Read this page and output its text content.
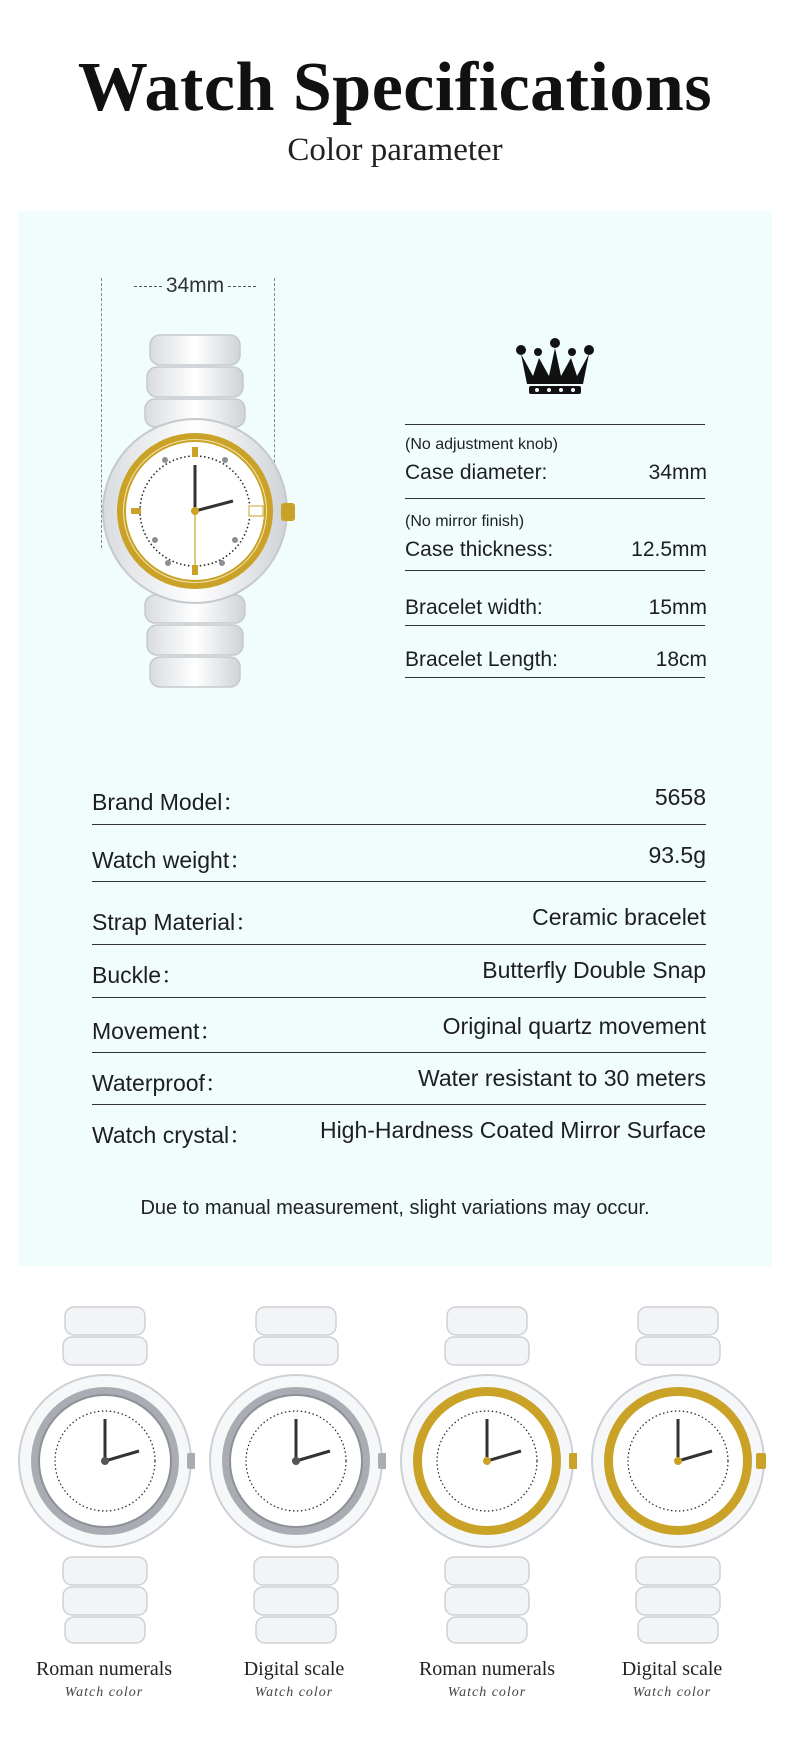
Watch Specifications
Color parameter
34mm
(No adjustment knob)
Case diameter:	34mm
(No mirror finish)
Case thickness:	12.5mm
Bracelet width:	15mm
Bracelet Length:	18cm
Brand Model：	5658
Watch weight：	93.5g
Strap Material：	Ceramic bracelet
Buckle：	Butterfly Double Snap
Movement：	Original quartz movement
Waterproof：	Water resistant to 30 meters
Watch crystal：	High-Hardness Coated Mirror Surface
Due to manual measurement, slight variations may occur.
Roman numerals
Watch color
Digital scale
Watch color
Roman numerals
Watch color
Digital scale
Watch color
